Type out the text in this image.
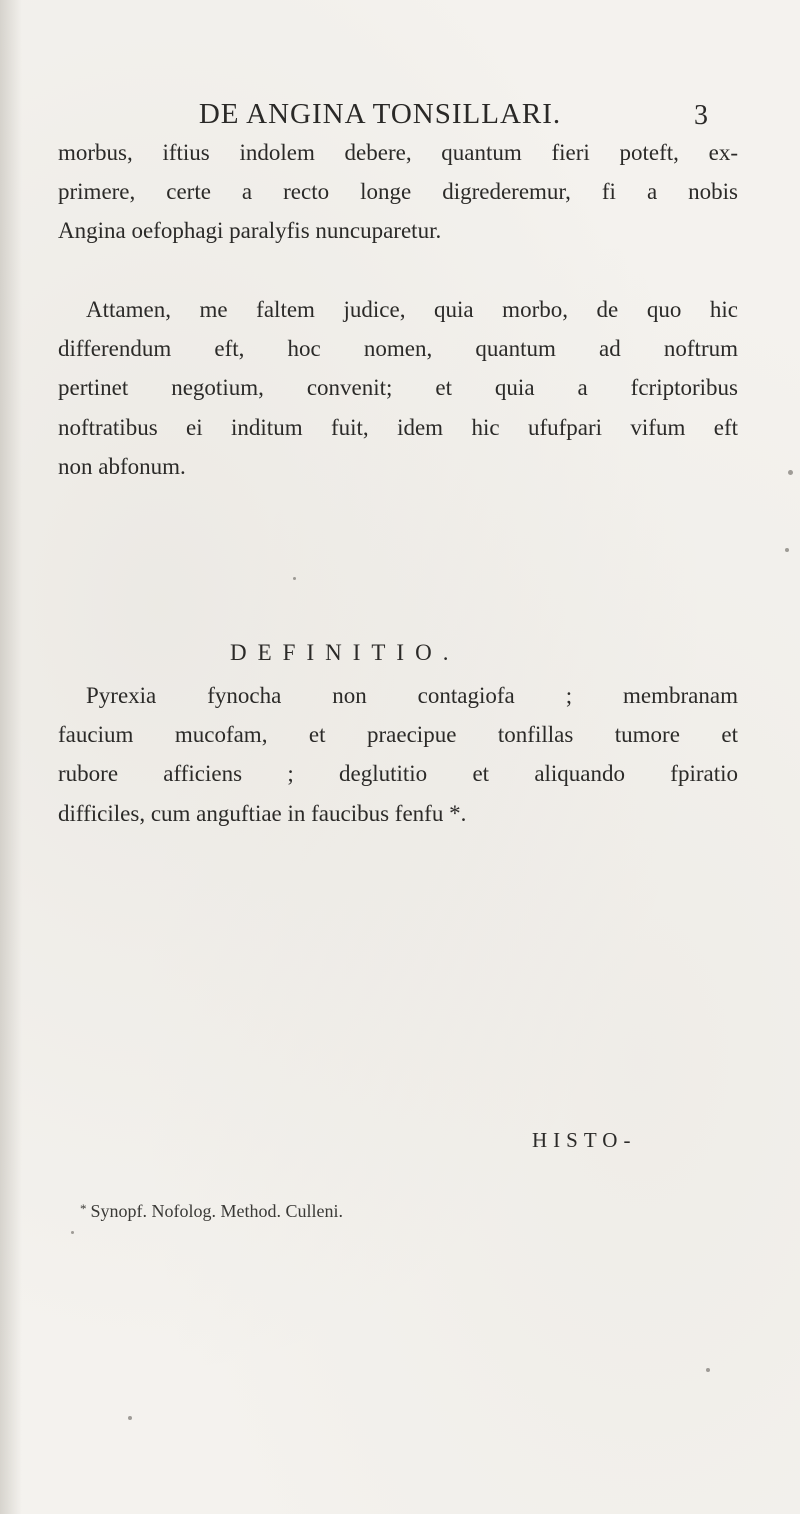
DE ANGINA TONSILLARI.	3
morbus, iftius indolem debere, quantum fieri poteft, ex-
primere, certe a recto longe digrederemur, fi a nobis
Angina oefophagi paralyfis nuncuparetur.
Attamen, me faltem judice, quia morbo, de quo hic
differendum eft, hoc nomen, quantum ad noftrum
pertinet negotium, convenit; et quia a fcriptoribus
noftratibus ei inditum fuit, idem hic ufufpari vifum eft
non abfonum.
DEFINITIO.
Pyrexia fynocha non contagiofa ; membranam
faucium mucofam, et praecipue tonfillas tumore et
rubore afficiens ; deglutitio et aliquando fpiratio
difficiles, cum anguftiae in faucibus fenfu *.
HISTO-
* Synopf. Nofolog. Method. Culleni.
